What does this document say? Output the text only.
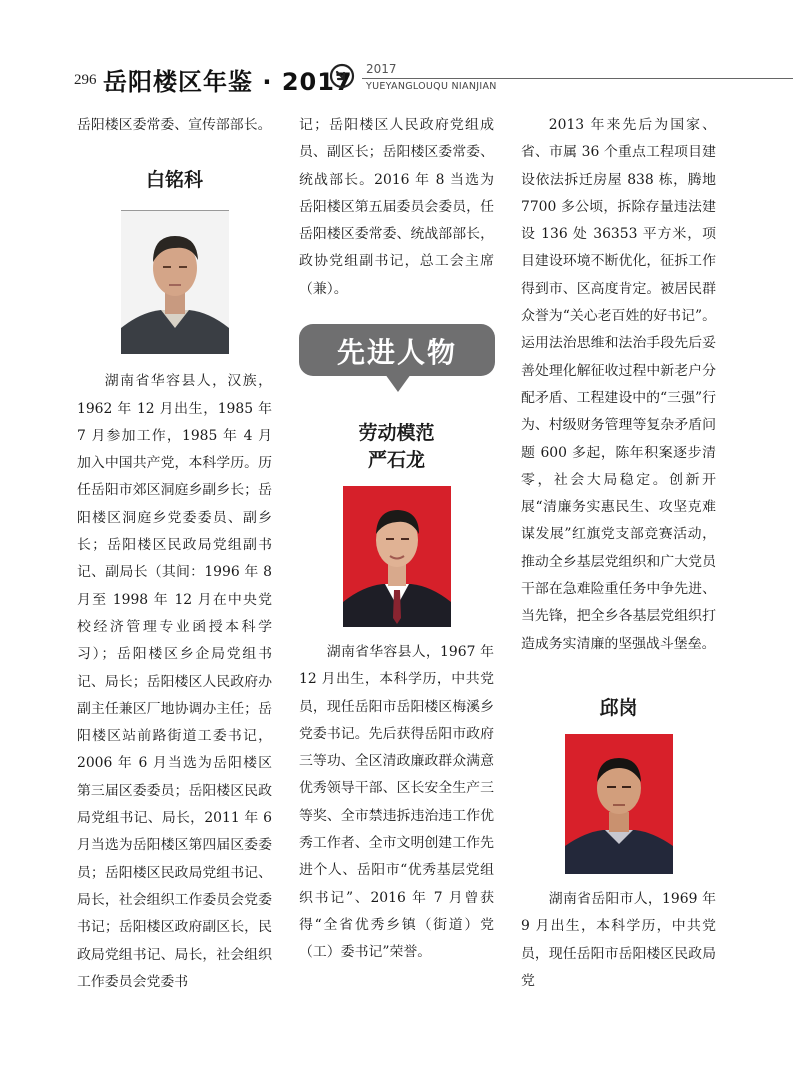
296 岳阳楼区年鉴 · 2017 2017
YUEYANGLOUQU NIANJIAN

岳阳楼区委常委、宣传部部长。

白铭科

湖南省华容县人，汉族，1962 年 12 月出生，1985 年 7 月参加工作，1985 年 4 月加入中国共产党，本科学历。历任岳阳市郊区洞庭乡副乡长；岳阳楼区洞庭乡党委委员、副乡长；岳阳楼区民政局党组副书记、副局长（其间：1996 年 8 月至 1998 年 12 月在中央党校经济管理专业函授本科学习）；岳阳楼区乡企局党组书记、局长；岳阳楼区人民政府办副主任兼区厂地协调办主任；岳阳楼区站前路街道工委书记，2006 年 6 月当选为岳阳楼区第三届区委委员；岳阳楼区民政局党组书记、局长，2011 年 6 月当选为岳阳楼区第四届区委委员；岳阳楼区民政局党组书记、局长，社会组织工作委员会党委书记；岳阳楼区政府副区长，民政局党组书记、局长，社会组织工作委员会党委书

记；岳阳楼区人民政府党组成员、副区长；岳阳楼区委常委、统战部长。2016 年 8 当选为岳阳楼区第五届委员会委员，任岳阳楼区委常委、统战部部长，政协党组副书记，总工会主席（兼）。

先进人物

劳动模范

严石龙

湖南省华容县人，1967 年 12 月出生，本科学历，中共党员，现任岳阳市岳阳楼区梅溪乡党委书记。先后获得岳阳市政府三等功、全区清政廉政群众满意优秀领导干部、区长安全生产三等奖、全市禁违拆违治违工作优秀工作者、全市文明创建工作先进个人、岳阳市“优秀基层党组织书记”、2016 年 7 月曾获得“全省优秀乡镇（街道）党（工）委书记”荣誉。

2013 年来先后为国家、省、市属 36 个重点工程项目建设依法拆迁房屋 838 栋，腾地 7700 多公顷，拆除存量违法建设 136 处 36353 平方米，项目建设环境不断优化，征拆工作得到市、区高度肯定。被居民群众誉为“关心老百姓的好书记”。运用法治思维和法治手段先后妥善处理化解征收过程中新老户分配矛盾、工程建设中的“三强”行为、村级财务管理等复杂矛盾问题 600 多起，陈年积案逐步清零，社会大局稳定。创新开展“清廉务实惠民生、攻坚克难谋发展”红旗党支部竞赛活动，推动全乡基层党组织和广大党员干部在急难险重任务中争先进、当先锋，把全乡各基层党组织打造成务实清廉的坚强战斗堡垒。

邱岗

湖南省岳阳市人，1969 年 9 月出生，本科学历，中共党员，现任岳阳市岳阳楼区民政局党
